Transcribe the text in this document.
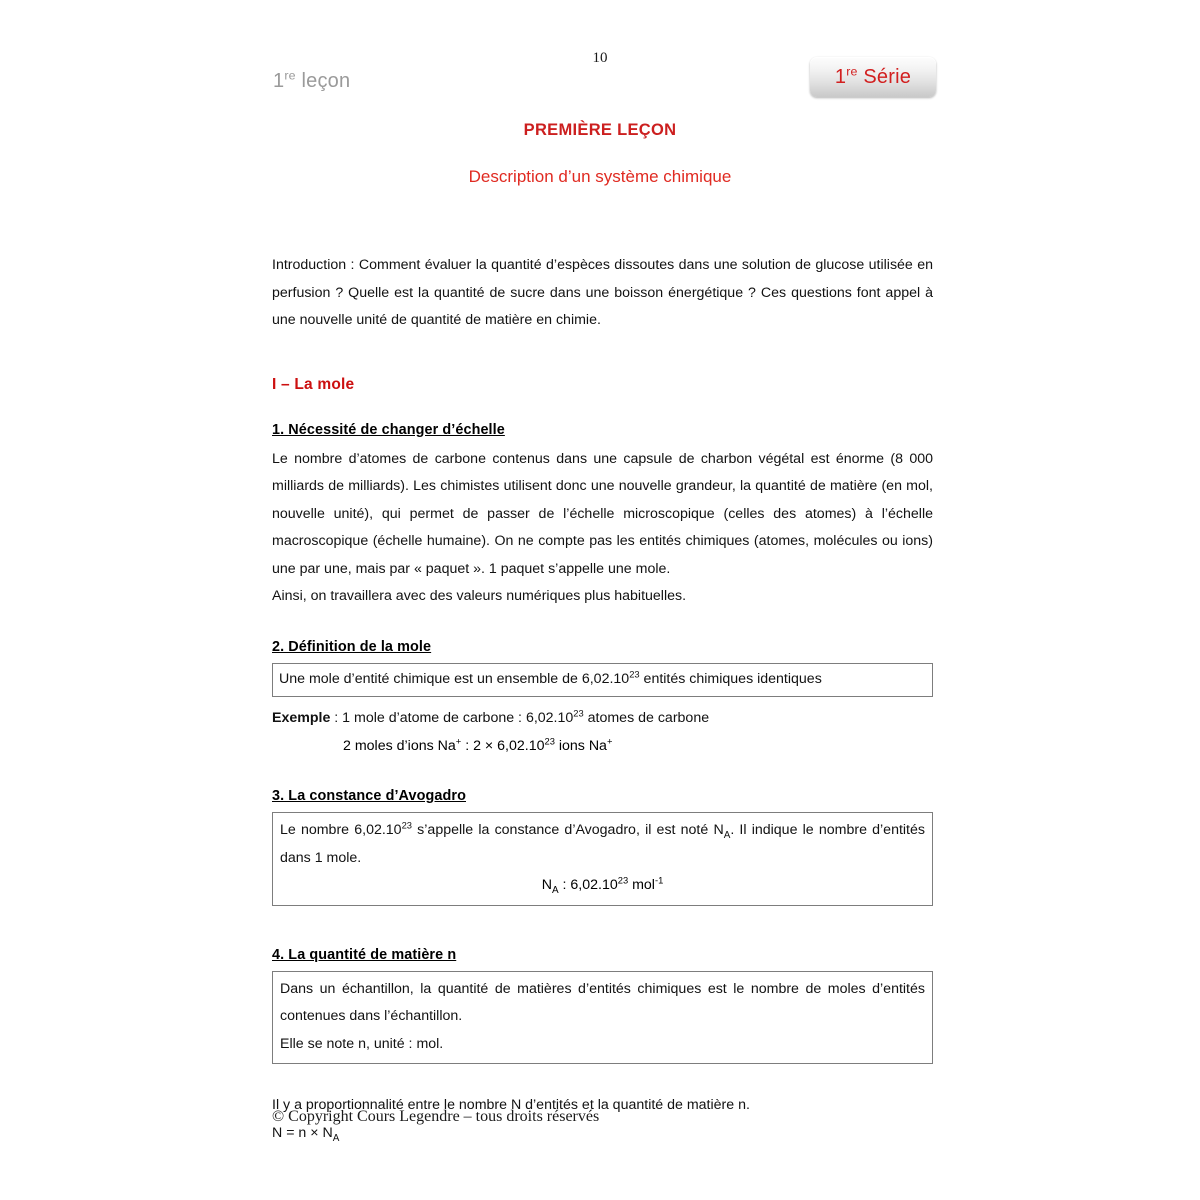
1re leçon
10
1re Série
PREMIÈRE LEÇON
Description d’un système chimique

Introduction : Comment évaluer la quantité d’espèces dissoutes dans une solution de glucose utilisée en perfusion ? Quelle est la quantité de sucre dans une boisson énergétique ? Ces questions font appel à une nouvelle unité de quantité de matière en chimie.

I – La mole

1. Nécessité de changer d’échelle

Le nombre d’atomes de carbone contenus dans une capsule de charbon végétal est énorme (8 000 milliards de milliards). Les chimistes utilisent donc une nouvelle grandeur, la quantité de matière (en mol, nouvelle unité), qui permet de passer de l’échelle microscopique (celles des atomes) à l’échelle macroscopique (échelle humaine). On ne compte pas les entités chimiques (atomes, molécules ou ions) une par une, mais par « paquet ». 1 paquet s’appelle une mole.

Ainsi, on travaillera avec des valeurs numériques plus habituelles.

2. Définition de la mole

Une mole d’entité chimique est un ensemble de 6,02.10$^{23}$ entités chimiques identiques
Exemple : 1 mole d’atome de carbone : 6,02.10$^{23}$ atomes de carbone
2 moles d’ions Na+ : $2 \times 6,02.10^{23}$ ions Na+

3. La constance d’Avogadro

Le nombre 6,02.10$^{23}$ s’appelle la constance d’Avogadro, il est noté $N_A$. Il indique le nombre d’entités dans 1 mole.
$N_A$ : 6,02.10$^{23}$ mol$^{-1}$

4. La quantité de matière n

Dans un échantillon, la quantité de matières d’entités chimiques est le nombre de moles d’entités contenues dans l’échantillon.

Elle se note n, unité : mol.

Il y a proportionnalité entre le nombre N d’entités et la quantité de matière n.

$N = n \times N_A$
© Copyright Cours Legendre – tous droits réservés
